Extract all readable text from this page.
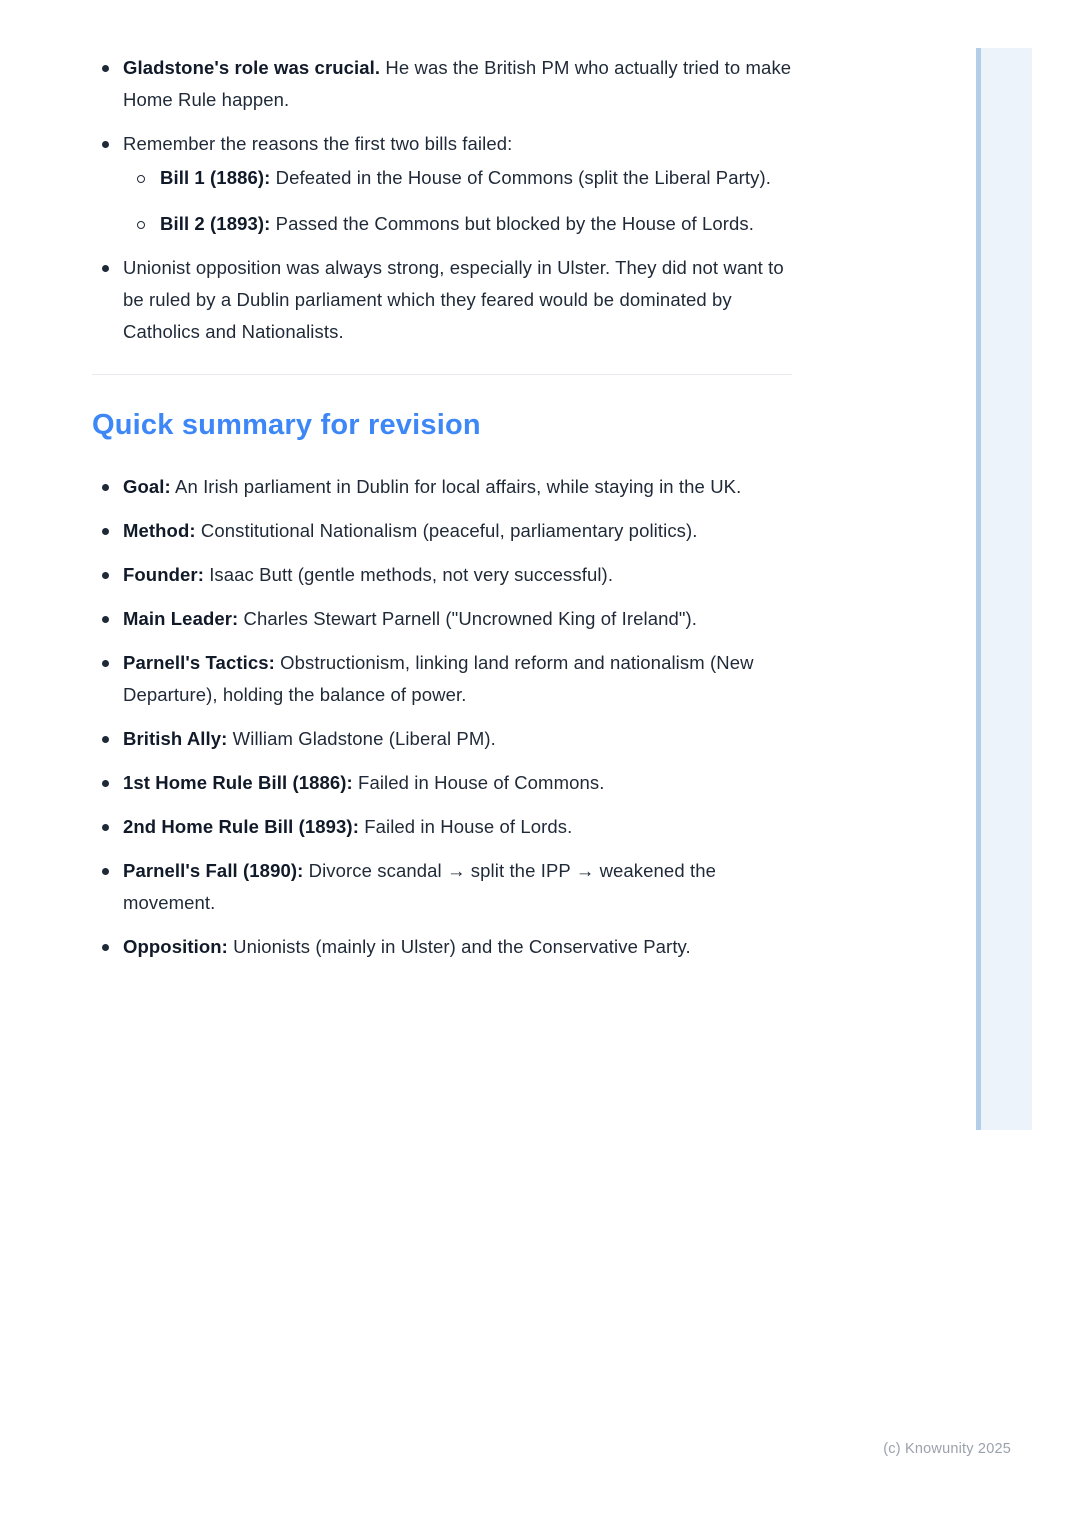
Gladstone's role was crucial. He was the British PM who actually tried to make Home Rule happen.
Remember the reasons the first two bills failed:
Bill 1 (1886): Defeated in the House of Commons (split the Liberal Party).
Bill 2 (1893): Passed the Commons but blocked by the House of Lords.
Unionist opposition was always strong, especially in Ulster. They did not want to be ruled by a Dublin parliament which they feared would be dominated by Catholics and Nationalists.
Quick summary for revision
Goal: An Irish parliament in Dublin for local affairs, while staying in the UK.
Method: Constitutional Nationalism (peaceful, parliamentary politics).
Founder: Isaac Butt (gentle methods, not very successful).
Main Leader: Charles Stewart Parnell ("Uncrowned King of Ireland").
Parnell's Tactics: Obstructionism, linking land reform and nationalism (New Departure), holding the balance of power.
British Ally: William Gladstone (Liberal PM).
1st Home Rule Bill (1886): Failed in House of Commons.
2nd Home Rule Bill (1893): Failed in House of Lords.
Parnell's Fall (1890): Divorce scandal → split the IPP → weakened the movement.
Opposition: Unionists (mainly in Ulster) and the Conservative Party.
(c) Knowunity 2025
